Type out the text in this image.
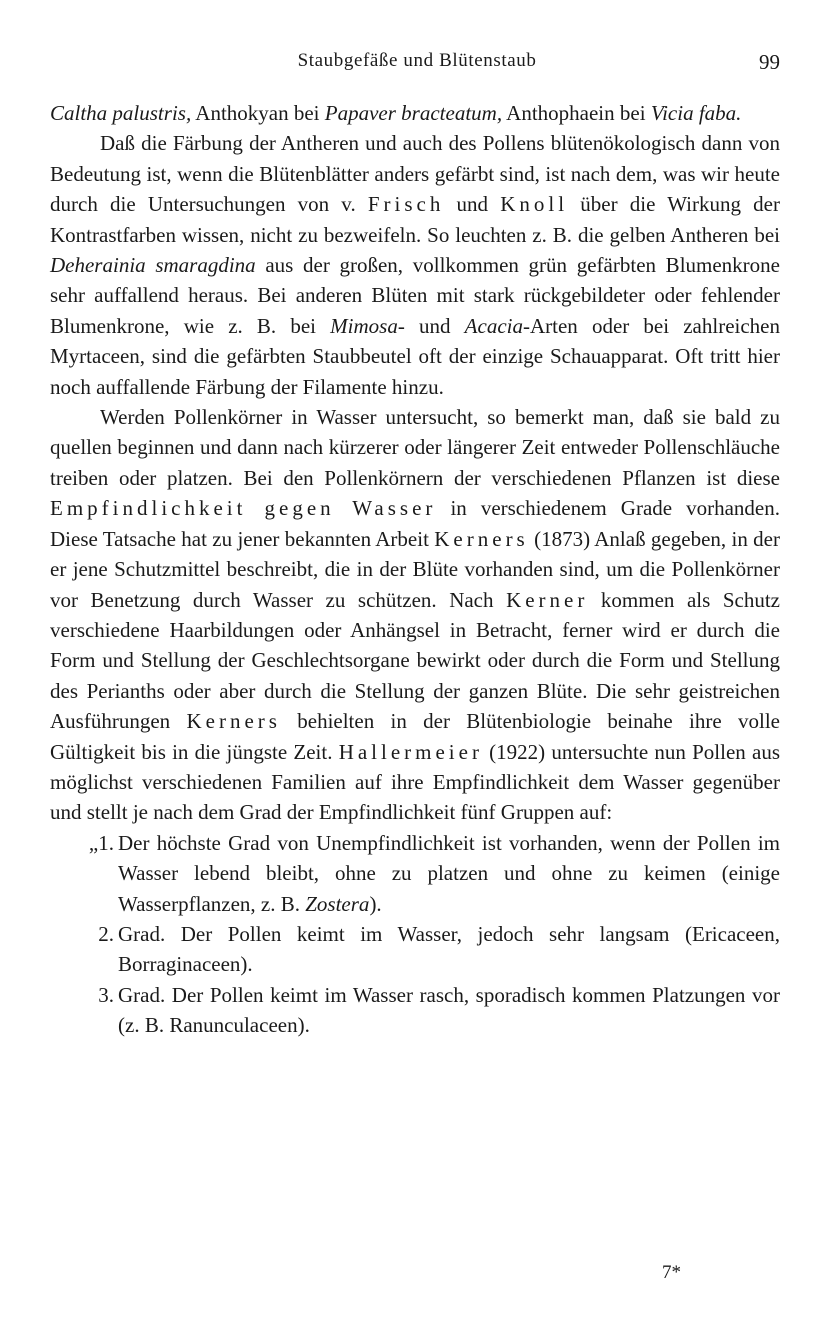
Staubgefäße und Blütenstaub	99

Caltha palustris, Anthokyan bei Papaver bracteatum, Anthophaein bei Vicia faba.

Daß die Färbung der Antheren und auch des Pollens blütenökologisch dann von Bedeutung ist, wenn die Blütenblätter anders gefärbt sind, ist nach dem, was wir heute durch die Untersuchungen von v. Frisch und Knoll über die Wirkung der Kontrastfarben wissen, nicht zu bezweifeln. So leuchten z. B. die gelben Antheren bei Deherainia smaragdina aus der großen, vollkommen grün gefärbten Blumenkrone sehr auffallend heraus. Bei anderen Blüten mit stark rückgebildeter oder fehlender Blumenkrone, wie z. B. bei Mimosa- und Acacia-Arten oder bei zahlreichen Myrtaceen, sind die gefärbten Staubbeutel oft der einzige Schauapparat. Oft tritt hier noch auffallende Färbung der Filamente hinzu.

Werden Pollenkörner in Wasser untersucht, so bemerkt man, daß sie bald zu quellen beginnen und dann nach kürzerer oder längerer Zeit entweder Pollenschläuche treiben oder platzen. Bei den Pollenkörnern der verschiedenen Pflanzen ist diese Empfindlichkeit gegen Wasser in verschiedenem Grade vorhanden. Diese Tatsache hat zu jener bekannten Arbeit Kerners (1873) Anlaß gegeben, in der er jene Schutzmittel beschreibt, die in der Blüte vorhanden sind, um die Pollenkörner vor Benetzung durch Wasser zu schützen. Nach Kerner kommen als Schutz verschiedene Haarbildungen oder Anhängsel in Betracht, ferner wird er durch die Form und Stellung der Geschlechtsorgane bewirkt oder durch die Form und Stellung des Perianths oder aber durch die Stellung der ganzen Blüte. Die sehr geistreichen Ausführungen Kerners behielten in der Blütenbiologie beinahe ihre volle Gültigkeit bis in die jüngste Zeit. Hallermeier (1922) untersuchte nun Pollen aus möglichst verschiedenen Familien auf ihre Empfindlichkeit dem Wasser gegenüber und stellt je nach dem Grad der Empfindlichkeit fünf Gruppen auf:

„1. Der höchste Grad von Unempfindlichkeit ist vorhanden, wenn der Pollen im Wasser lebend bleibt, ohne zu platzen und ohne zu keimen (einige Wasserpflanzen, z. B. Zostera).
2. Grad. Der Pollen keimt im Wasser, jedoch sehr langsam (Ericaceen, Borraginaceen).
3. Grad. Der Pollen keimt im Wasser rasch, sporadisch kommen Platzungen vor (z. B. Ranunculaceen).
7*
